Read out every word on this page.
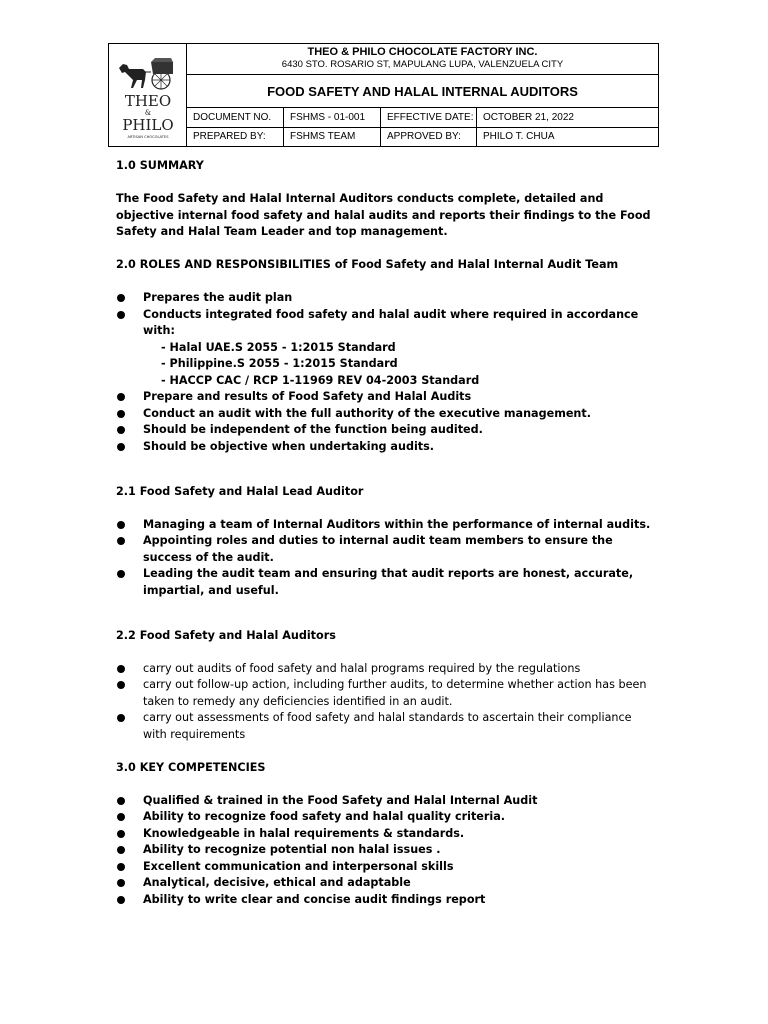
THEO
&
PHILO
ARTISAN CHOCOLATES
THEO & PHILO CHOCOLATE FACTORY INC.
6430 STO. ROSARIO ST, MAPULANG LUPA, VALENZUELA CITY
FOOD SAFETY AND HALAL INTERNAL AUDITORS
DOCUMENT NO.	FSHMS - 01-001	EFFECTIVE DATE: OCTOBER 21, 2022
PREPARED BY:	FSHMS TEAM	APPROVED BY:	PHILO T. CHUA
1.0 SUMMARY
The Food Safety and Halal Internal Auditors conducts complete, detailed and objective internal food safety and halal audits and reports their findings to the Food Safety and Halal Team Leader and top management.
2.0 ROLES AND RESPONSIBILITIES of Food Safety and Halal Internal Audit Team
Prepares the audit plan
Conducts integrated food safety and halal audit where required in accordance with:
- Halal UAE.S 2055 - 1:2015 Standard
- Philippine.S 2055 - 1:2015 Standard
- HACCP CAC / RCP 1-11969 REV 04-2003 Standard
Prepare and results of Food Safety and Halal Audits
Conduct an audit with the full authority of the executive management.
Should be independent of the function being audited.
Should be objective when undertaking audits.
2.1 Food Safety and Halal Lead Auditor
Managing a team of Internal Auditors within the performance of internal audits.
Appointing roles and duties to internal audit team members to ensure the success of the audit.
Leading the audit team and ensuring that audit reports are honest, accurate, impartial, and useful.
2.2 Food Safety and Halal Auditors
carry out audits of food safety and halal programs required by the regulations
carry out follow-up action, including further audits, to determine whether action has been taken to remedy any deficiencies identified in an audit.
carry out assessments of food safety and halal standards to ascertain their compliance with requirements
3.0 KEY COMPETENCIES
Qualified & trained in the Food Safety and Halal Internal Audit
Ability to recognize food safety and halal quality criteria.
Knowledgeable in halal requirements & standards.
Ability to recognize potential non halal issues .
Excellent communication and interpersonal skills
Analytical, decisive, ethical and adaptable
Ability to write clear and concise audit findings report
